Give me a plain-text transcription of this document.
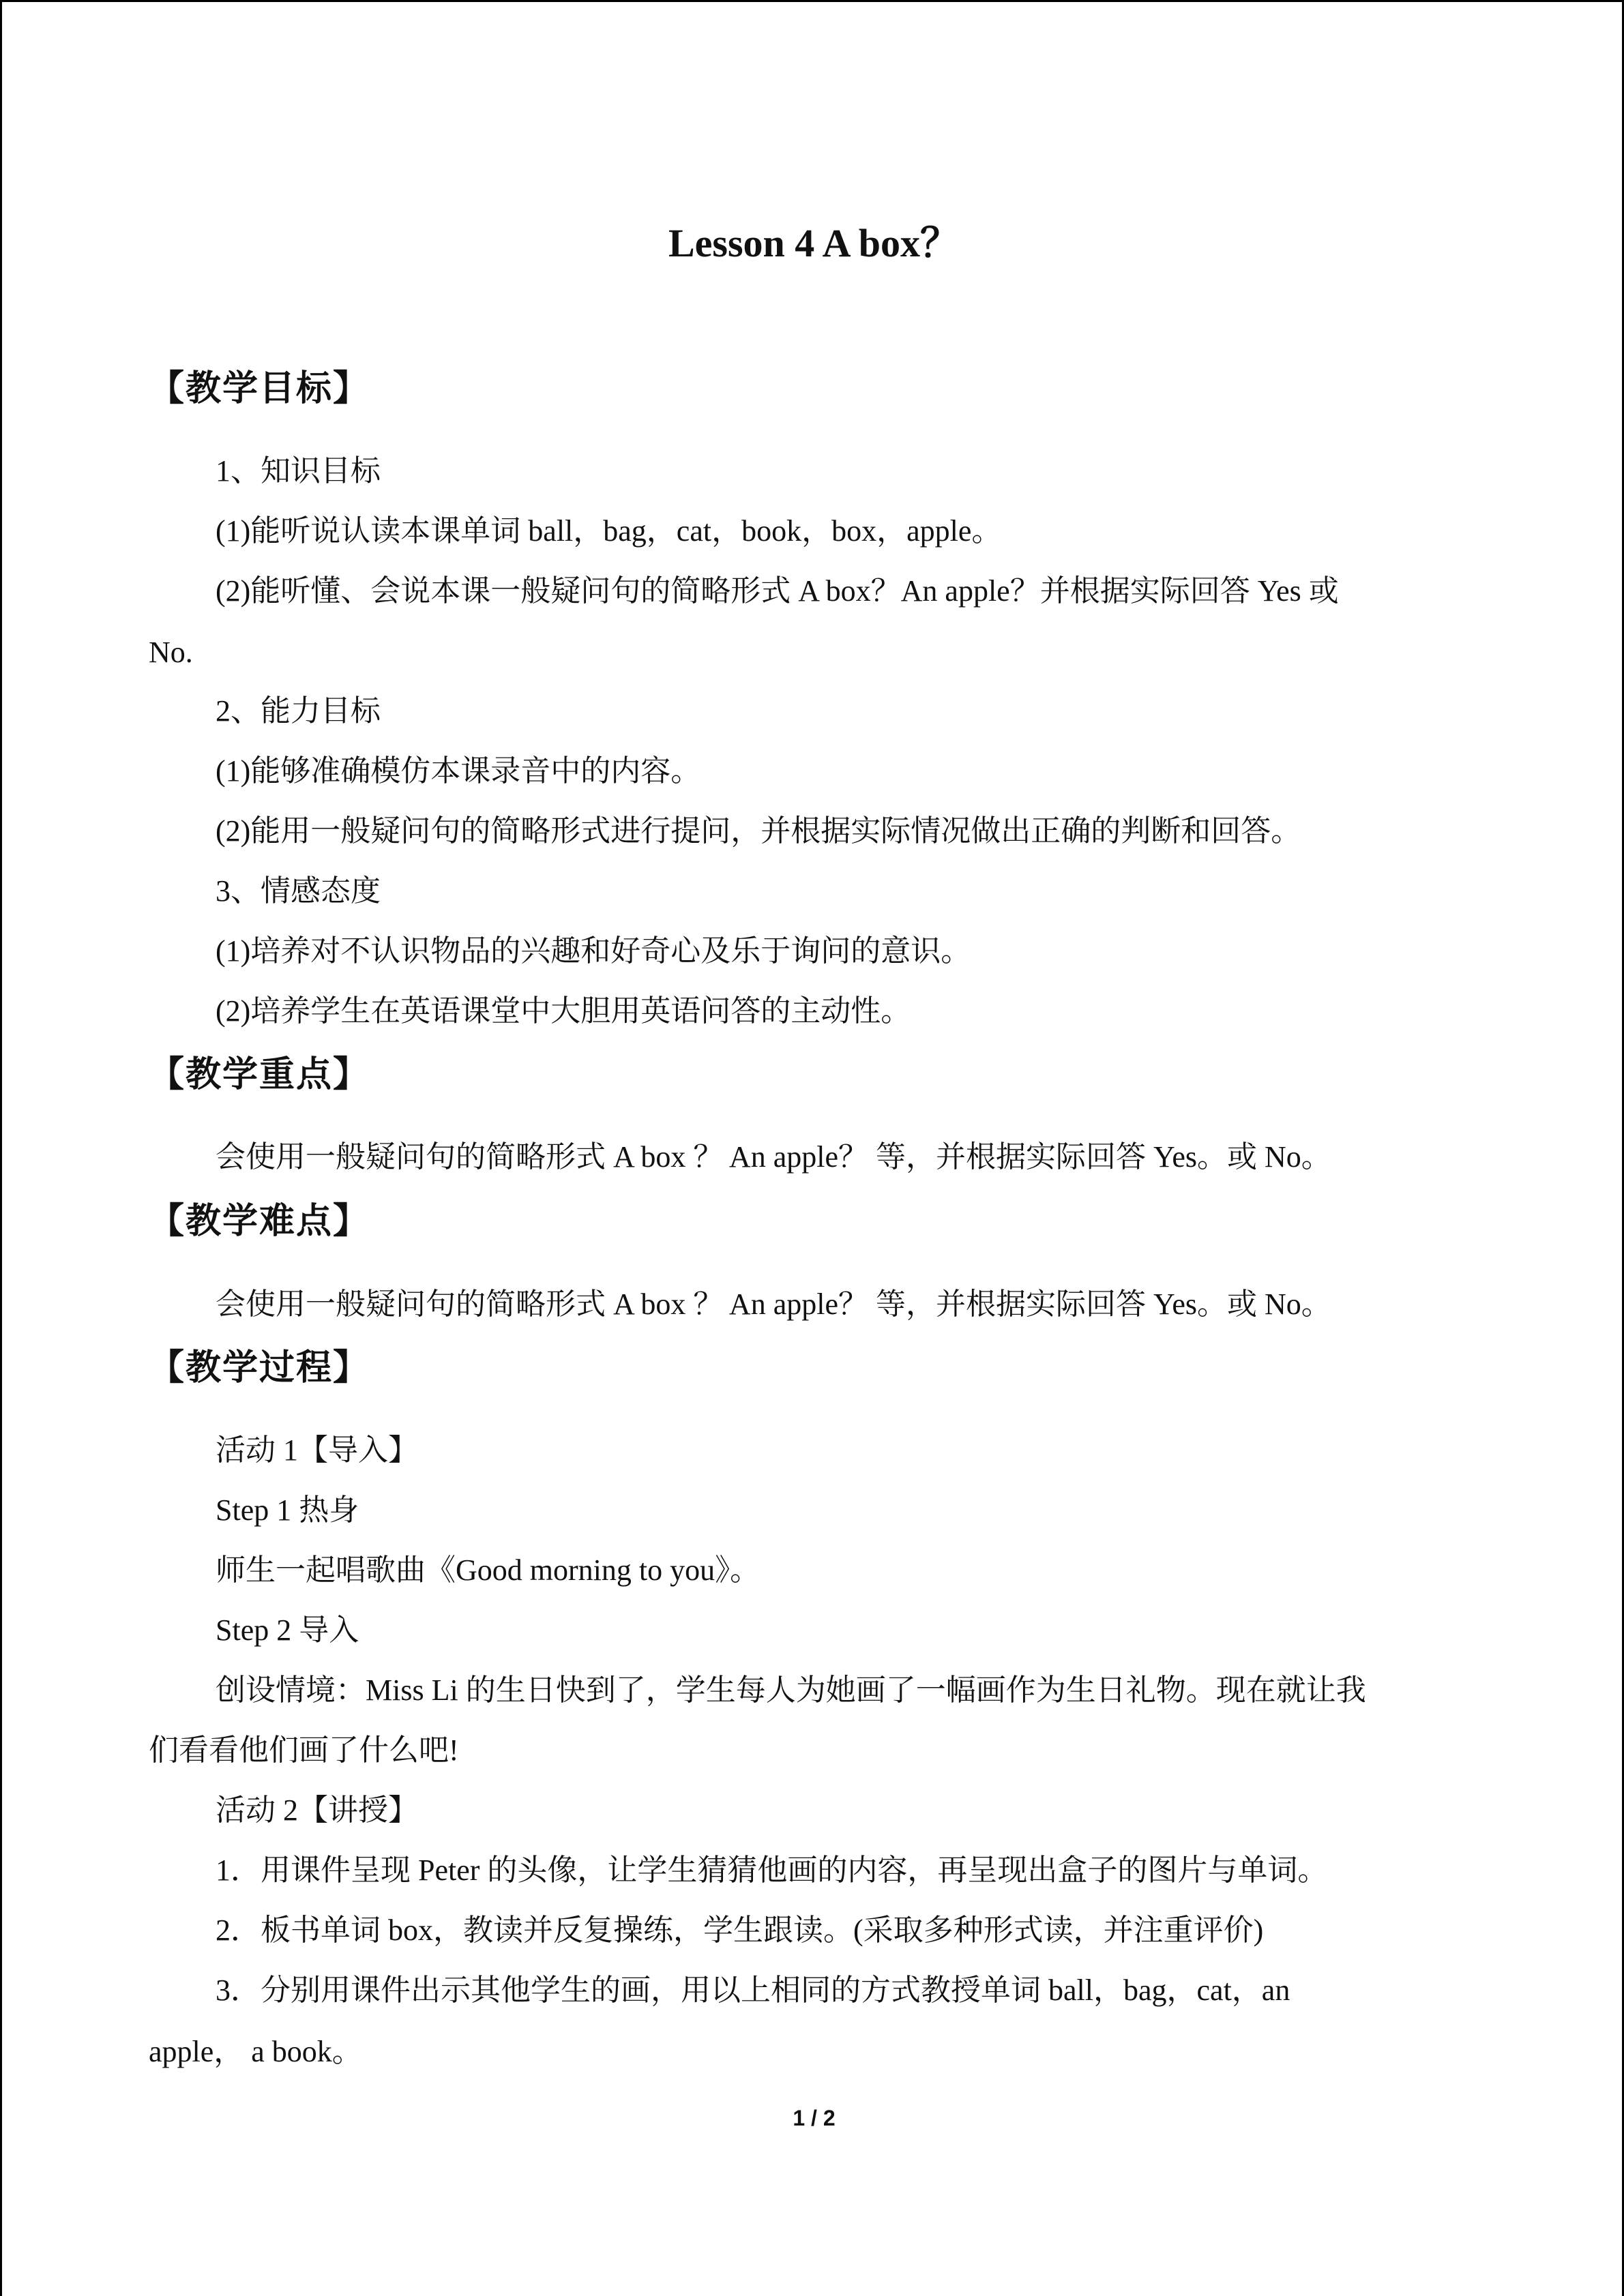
Lesson 4 A box？
【教学目标】
1、知识目标
(1)能听说认读本课单词 ball，bag，cat，book，box，apple。
(2)能听懂、会说本课一般疑问句的简略形式 A box？An apple？并根据实际回答 Yes 或
No.
2、能力目标
(1)能够准确模仿本课录音中的内容。
(2)能用一般疑问句的简略形式进行提问，并根据实际情况做出正确的判断和回答。
3、情感态度
(1)培养对不认识物品的兴趣和好奇心及乐于询问的意识。
(2)培养学生在英语课堂中大胆用英语问答的主动性。
【教学重点】
会使用一般疑问句的简略形式 A box ？ An apple？ 等，并根据实际回答 Yes。或 No。
【教学难点】
会使用一般疑问句的简略形式 A box ？ An apple？ 等，并根据实际回答 Yes。或 No。
【教学过程】
活动 1【导入】
Step 1 热身
师生一起唱歌曲《Good morning to you》。
Step 2 导入
创设情境：Miss Li 的生日快到了，学生每人为她画了一幅画作为生日礼物。现在就让我
们看看他们画了什么吧!
活动 2【讲授】
1．用课件呈现 Peter 的头像，让学生猜猜他画的内容，再呈现出盒子的图片与单词。
2．板书单词 box，教读并反复操练，学生跟读。(采取多种形式读，并注重评价)
3．分别用课件出示其他学生的画，用以上相同的方式教授单词 ball，bag，cat，an
apple， a book。
1 / 2
